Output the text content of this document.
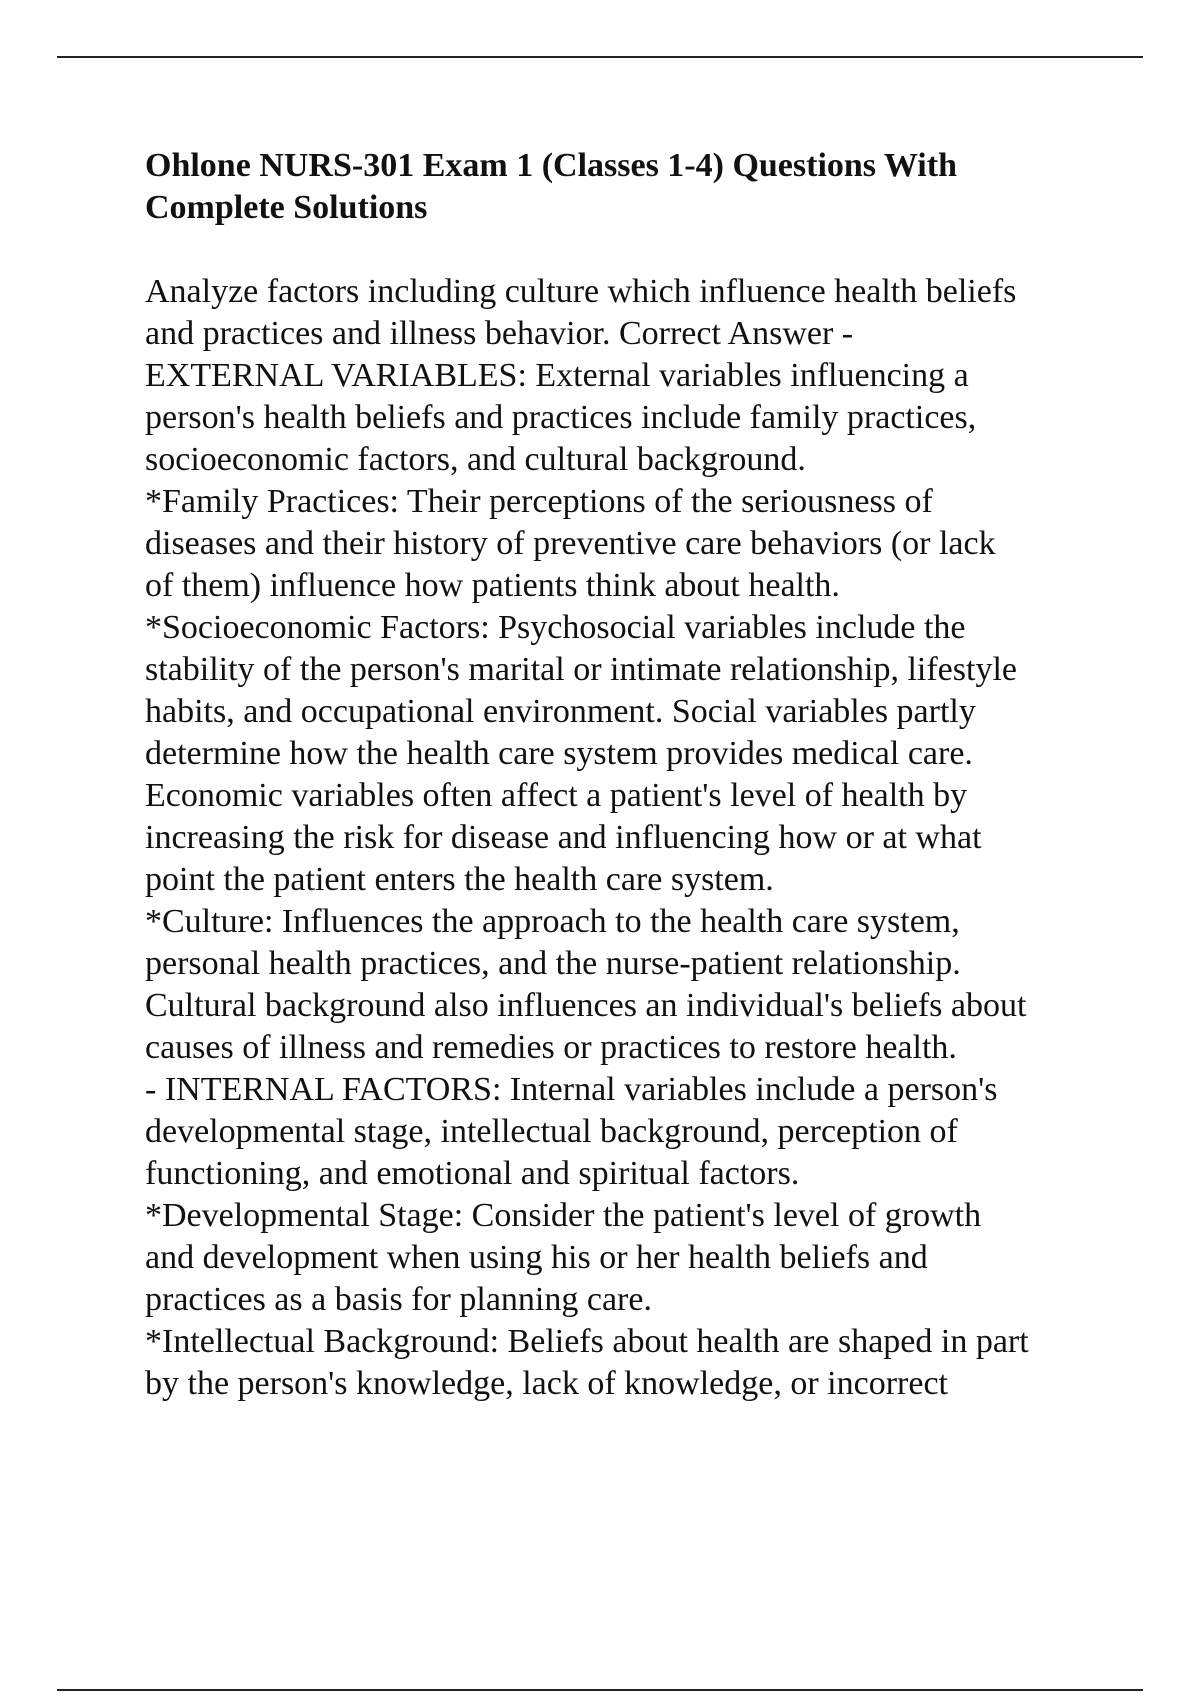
Ohlone NURS-301 Exam 1 (Classes 1-4) Questions With
Complete Solutions
Analyze factors including culture which influence health beliefs
and practices and illness behavior. Correct Answer -
EXTERNAL VARIABLES: External variables influencing a
person's health beliefs and practices include family practices,
socioeconomic factors, and cultural background.
*Family Practices: Their perceptions of the seriousness of
diseases and their history of preventive care behaviors (or lack
of them) influence how patients think about health.
*Socioeconomic Factors: Psychosocial variables include the
stability of the person's marital or intimate relationship, lifestyle
habits, and occupational environment. Social variables partly
determine how the health care system provides medical care.
Economic variables often affect a patient's level of health by
increasing the risk for disease and influencing how or at what
point the patient enters the health care system.
*Culture: Influences the approach to the health care system,
personal health practices, and the nurse-patient relationship.
Cultural background also influences an individual's beliefs about
causes of illness and remedies or practices to restore health.
- INTERNAL FACTORS: Internal variables include a person's
developmental stage, intellectual background, perception of
functioning, and emotional and spiritual factors.
*Developmental Stage: Consider the patient's level of growth
and development when using his or her health beliefs and
practices as a basis for planning care.
*Intellectual Background: Beliefs about health are shaped in part
by the person's knowledge, lack of knowledge, or incorrect
